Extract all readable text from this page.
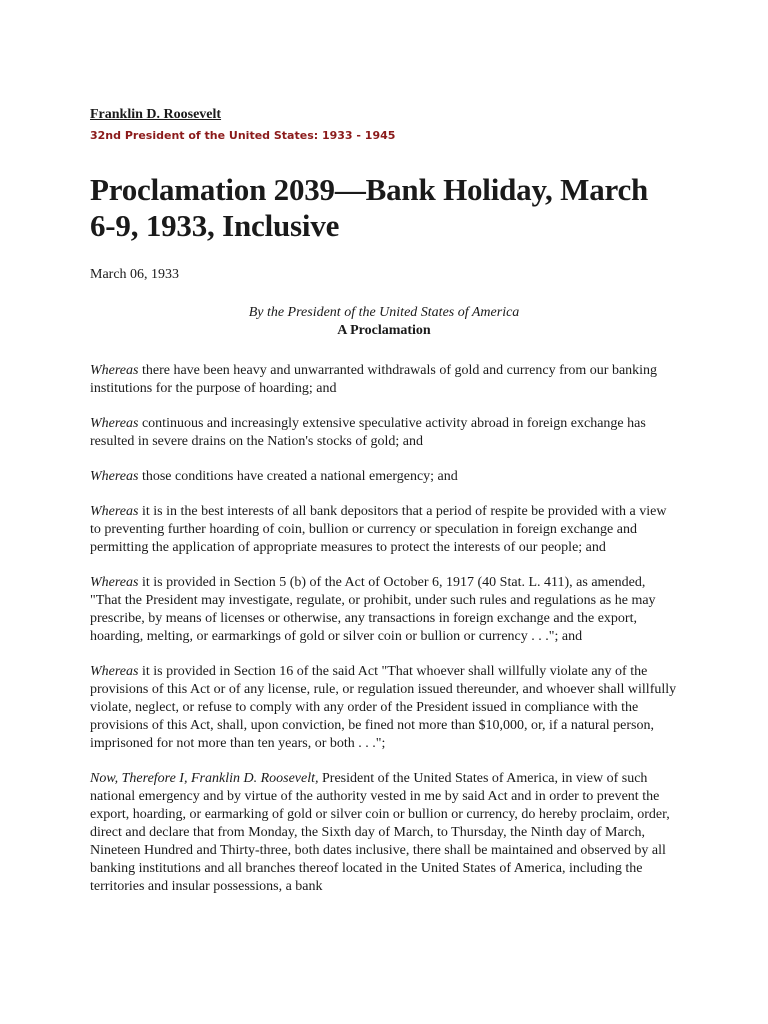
Franklin D. Roosevelt
32nd President of the United States: 1933 - 1945
Proclamation 2039—Bank Holiday, March 6-9, 1933, Inclusive
March 06, 1933
By the President of the United States of America
A Proclamation

Whereas there have been heavy and unwarranted withdrawals of gold and currency from our banking institutions for the purpose of hoarding; and

Whereas continuous and increasingly extensive speculative activity abroad in foreign exchange has resulted in severe drains on the Nation's stocks of gold; and

Whereas those conditions have created a national emergency; and

Whereas it is in the best interests of all bank depositors that a period of respite be provided with a view to preventing further hoarding of coin, bullion or currency or speculation in foreign exchange and permitting the application of appropriate measures to protect the interests of our people; and

Whereas it is provided in Section 5 (b) of the Act of October 6, 1917 (40 Stat. L. 411), as amended, "That the President may investigate, regulate, or prohibit, under such rules and regulations as he may prescribe, by means of licenses or otherwise, any transactions in foreign exchange and the export, hoarding, melting, or earmarkings of gold or silver coin or bullion or currency . . ."; and

Whereas it is provided in Section 16 of the said Act "That whoever shall willfully violate any of the provisions of this Act or of any license, rule, or regulation issued thereunder, and whoever shall willfully violate, neglect, or refuse to comply with any order of the President issued in compliance with the provisions of this Act, shall, upon conviction, be fined not more than $10,000, or, if a natural person, imprisoned for not more than ten years, or both . . .";

Now, Therefore I, Franklin D. Roosevelt, President of the United States of America, in view of such national emergency and by virtue of the authority vested in me by said Act and in order to prevent the export, hoarding, or earmarking of gold or silver coin or bullion or currency, do hereby proclaim, order, direct and declare that from Monday, the Sixth day of March, to Thursday, the Ninth day of March, Nineteen Hundred and Thirty-three, both dates inclusive, there shall be maintained and observed by all banking institutions and all branches thereof located in the United States of America, including the territories and insular possessions, a bank
